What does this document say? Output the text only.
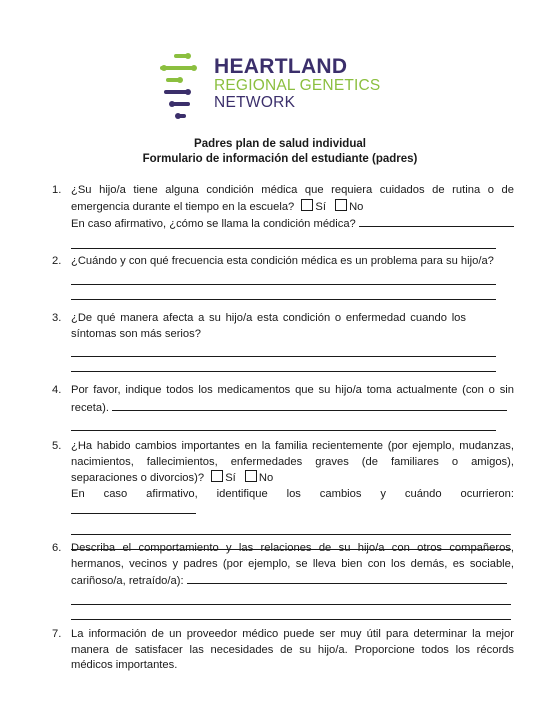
HEARTLAND
REGIONAL GENETICS
NETWORK
Padres plan de salud individual
Formulario de información del estudiante (padres)
1. ¿Su hijo/a tiene alguna condición médica que requiera cuidados de rutina o de emergencia durante el tiempo en la escuela? Sí No
En caso afirmativo, ¿cómo se llama la condición médica?
2. ¿Cuándo y con qué frecuencia esta condición médica es un problema para su hijo/a?
3. ¿De qué manera afecta a su hijo/a esta condición o enfermedad cuando los síntomas son más serios?
4. Por favor, indique todos los medicamentos que su hijo/a toma actualmente (con o sin receta).
5. ¿Ha habido cambios importantes en la familia recientemente (por ejemplo, mudanzas, nacimientos, fallecimientos, enfermedades graves (de familiares o amigos), separaciones o divorcios)? Sí No
En caso afirmativo, identifique los cambios y cuándo ocurrieron:
6. Describa el comportamiento y las relaciones de su hijo/a con otros compañeros, hermanos, vecinos y padres (por ejemplo, se lleva bien con los demás, es sociable, cariñoso/a, retraído/a):
7. La información de un proveedor médico puede ser muy útil para determinar la mejor manera de satisfacer las necesidades de su hijo/a. Proporcione todos los récords médicos importantes.
